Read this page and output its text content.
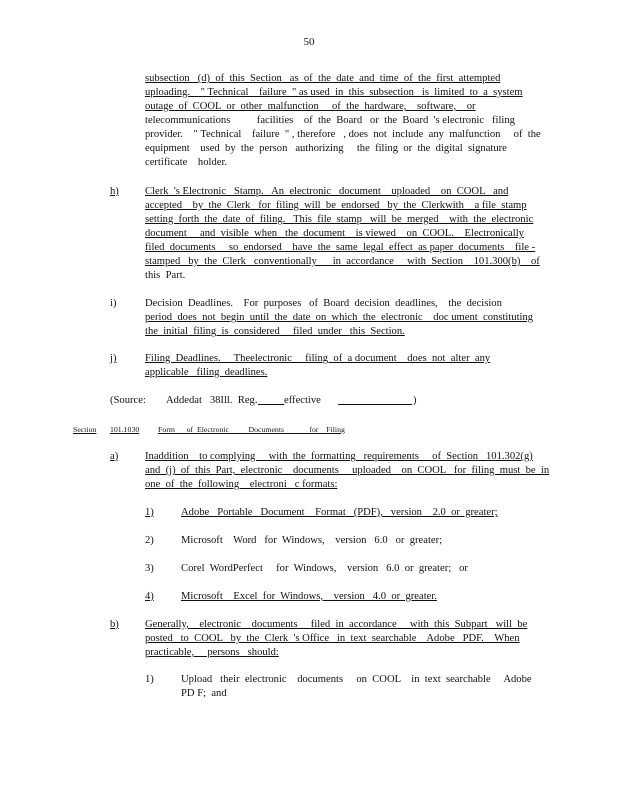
50
subsection   (d)  of  this  Section   as  of  the  date  and  time  of  the  first  attempted
uploading.    " Technical    failure  " as used  in  this  subsection   is  limited  to  a  system
outage  of  COOL  or  other  malfunction     of  the  hardware,    software,    or
telecommunications          facilities    of  the  Board   or  the  Board  's electronic   filing
provider.    " Technical    failure  " , therefore   , does  not  include  any  malfunction     of  the
equipment    used  by  the  person   authorizing     the  filing  or  the  digital  signature
certificate    holder.
h) Clerk  's Electronic   Stamp.   An  electronic   document    uploaded    on  COOL   and
accepted    by  the  Clerk   for  filing  will  be  endorsed   by  the  Clerkwith    a file  stamp
setting  forth  the  date  of  filing.   This  file  stamp   will  be  merged    with  the  electronic
document     and  visible  when   the  document    is viewed    on  COOL.    Electronically
filed  documents     so  endorsed    have  the  same  legal  effect  as paper  documents    file -
stamped   by  the  Clerk   conventionally      in  accordance     with  Section    101.300(b)    of
this  Part.
i)	Decision  Deadlines.    For  purposes   of  Board  decision  deadlines,    the  decision
period  does  not  begin  until  the  date  on  which  the  electronic    doc ument  constituting
the  initial  filing  is  considered     filed  under   this  Section.
j)	Filing  Deadlines.     Theelectronic     filing  of  a document    does  not  alter  any
applicable   filing  deadlines.
(Source: Addedat   38Ill.  Reg. effective	)
Section 101.1030 Form      of  Electronic          Documents             for    Filing
a)	Inaddition    to complying     with  the  formatting   requirements     of  Section   101.302(g)
and  (j)  of  this  Part,  electronic    documents     uploaded    on  COOL   for  filing  must  be  in
one  of  the  following    electroni   c formats:
1)	Adobe   Portable   Document    Format   (PDF),   version    2.0  or  greater;
2)	Microsoft    Word   for  Windows,    version   6.0   or  greater;
3)	Corel  WordPerfect     for  Windows,    version   6.0  or  greater;   or
4)	Microsoft    Excel  for  Windows,    version   4.0  or  greater.
b) Generally,    electronic    documents     filed  in  accordance     with  this  Subpart   will  be
posted   to  COOL   by  the  Clerk  's Office   in  text  searchable    Adobe   PDF.    When
practicable,     persons   should:
1)	Upload   their  electronic    documents     on  COOL    in  text  searchable     Adobe
PD F;  and
